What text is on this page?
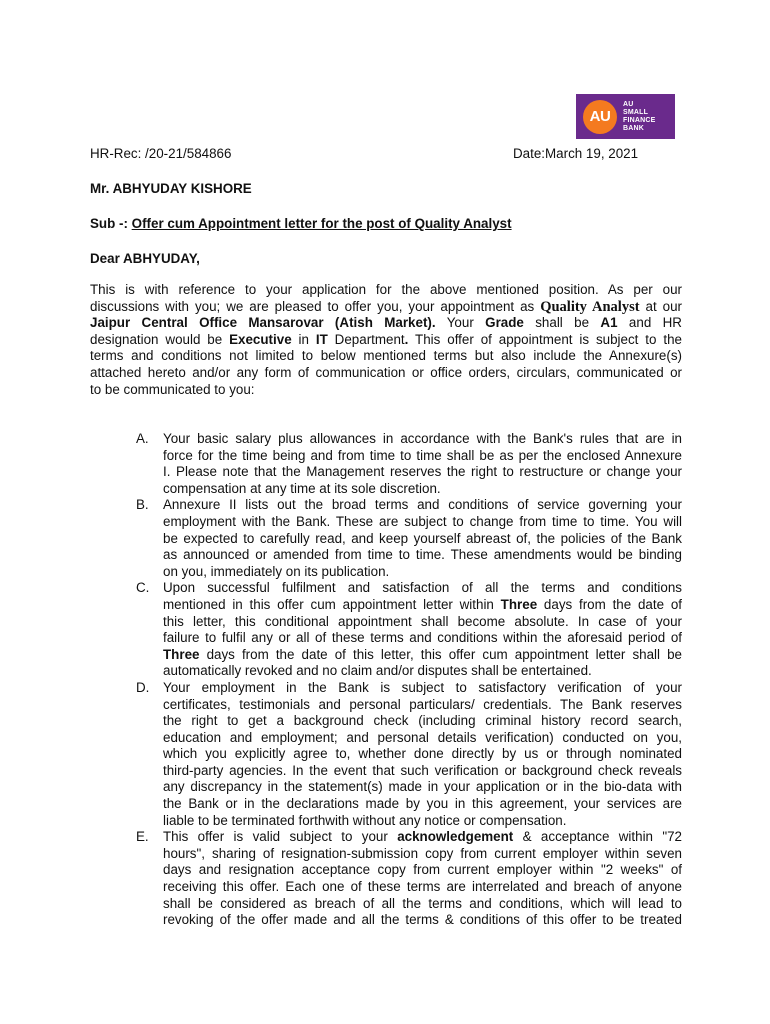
AU
AU
SMALL
FINANCE
BANK
HR-Rec: /20-21/584866	Date:March 19, 2021
Mr. ABHYUDAY KISHORE
Sub -: Offer cum Appointment letter for the post of Quality Analyst
Dear ABHYUDAY,
This is with reference to your application for the above mentioned position. As per our
discussions with you; we are pleased to offer you, your appointment as Quality Analyst at our
Jaipur Central Office Mansarovar (Atish Market). Your Grade shall be A1 and HR
designation would be Executive in IT Department. This offer of appointment is subject to the
terms and conditions not limited to below mentioned terms but also include the Annexure(s)
attached hereto and/or any form of communication or office orders, circulars, communicated or
to be communicated to you:
A. Your basic salary plus allowances in accordance with the Bank's rules that are in
force for the time being and from time to time shall be as per the enclosed Annexure
I. Please note that the Management reserves the right to restructure or change your
compensation at any time at its sole discretion.
B. Annexure II lists out the broad terms and conditions of service governing your
employment with the Bank. These are subject to change from time to time. You will
be expected to carefully read, and keep yourself abreast of, the policies of the Bank
as announced or amended from time to time. These amendments would be binding
on you, immediately on its publication.
C. Upon successful fulfilment and satisfaction of all the terms and conditions
mentioned in this offer cum appointment letter within Three days from the date of
this letter, this conditional appointment shall become absolute. In case of your
failure to fulfil any or all of these terms and conditions within the aforesaid period of
Three days from the date of this letter, this offer cum appointment letter shall be
automatically revoked and no claim and/or disputes shall be entertained.
D. Your employment in the Bank is subject to satisfactory verification of your
certificates, testimonials and personal particulars/ credentials. The Bank reserves
the right to get a background check (including criminal history record search,
education and employment; and personal details verification) conducted on you,
which you explicitly agree to, whether done directly by us or through nominated
third-party agencies. In the event that such verification or background check reveals
any discrepancy in the statement(s) made in your application or in the bio-data with
the Bank or in the declarations made by you in this agreement, your services are
liable to be terminated forthwith without any notice or compensation.
E. This offer is valid subject to your acknowledgement & acceptance within "72
hours", sharing of resignation-submission copy from current employer within seven
days and resignation acceptance copy from current employer within "2 weeks" of
receiving this offer. Each one of these terms are interrelated and breach of anyone
shall be considered as breach of all the terms and conditions, which will lead to
revoking of the offer made and all the terms & conditions of this offer to be treated
